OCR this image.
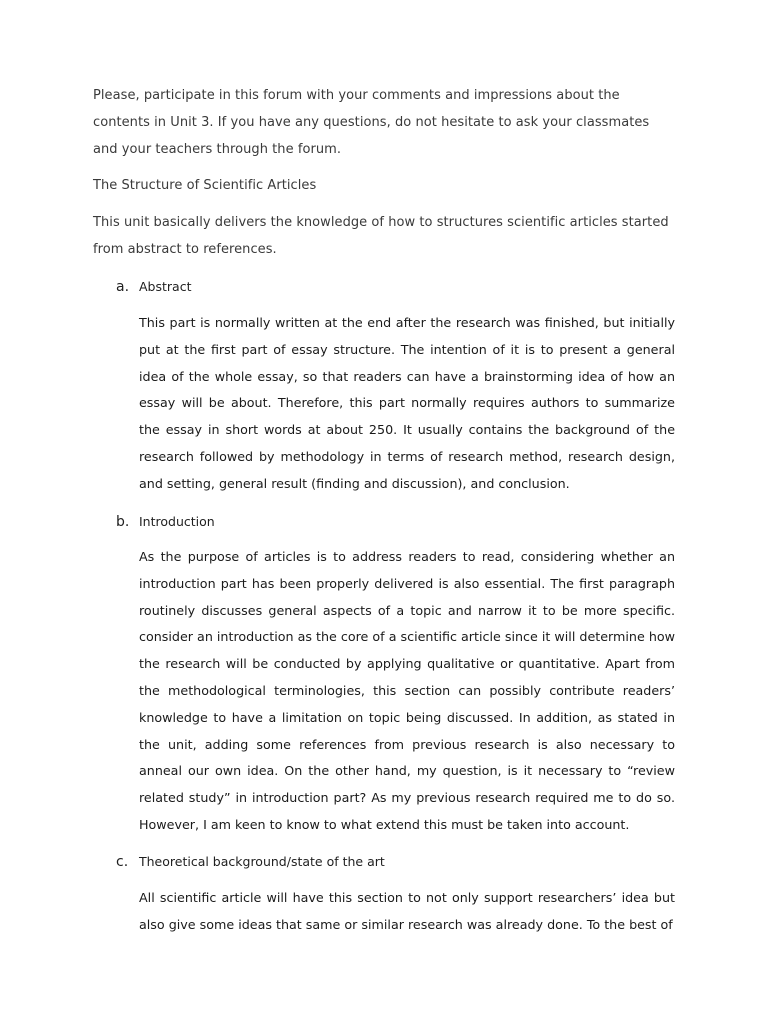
Please, participate in this forum with your comments and impressions about the contents in Unit 3. If you have any questions, do not hesitate to ask your classmates and your teachers through the forum.

The Structure of Scientific Articles

This unit basically delivers the knowledge of how to structures scientific articles started from abstract to references.

a. Abstract

This part is normally written at the end after the research was finished, but initially put at the first part of essay structure. The intention of it is to present a general idea of the whole essay, so that readers can have a brainstorming idea of how an essay will be about. Therefore, this part normally requires authors to summarize the essay in short words at about 250. It usually contains the background of the research followed by methodology in terms of research method, research design, and setting, general result (finding and discussion), and conclusion.

b. Introduction

As the purpose of articles is to address readers to read, considering whether an introduction part has been properly delivered is also essential. The first paragraph routinely discusses general aspects of a topic and narrow it to be more specific. consider an introduction as the core of a scientific article since it will determine how the research will be conducted by applying qualitative or quantitative. Apart from the methodological terminologies, this section can possibly contribute readers’ knowledge to have a limitation on topic being discussed. In addition, as stated in the unit, adding some references from previous research is also necessary to anneal our own idea. On the other hand, my question, is it necessary to “review related study” in introduction part? As my previous research required me to do so. However, I am keen to know to what extend this must be taken into account.

c. Theoretical background/state of the art

All scientific article will have this section to not only support researchers’ idea but also give some ideas that same or similar research was already done. To the best of
